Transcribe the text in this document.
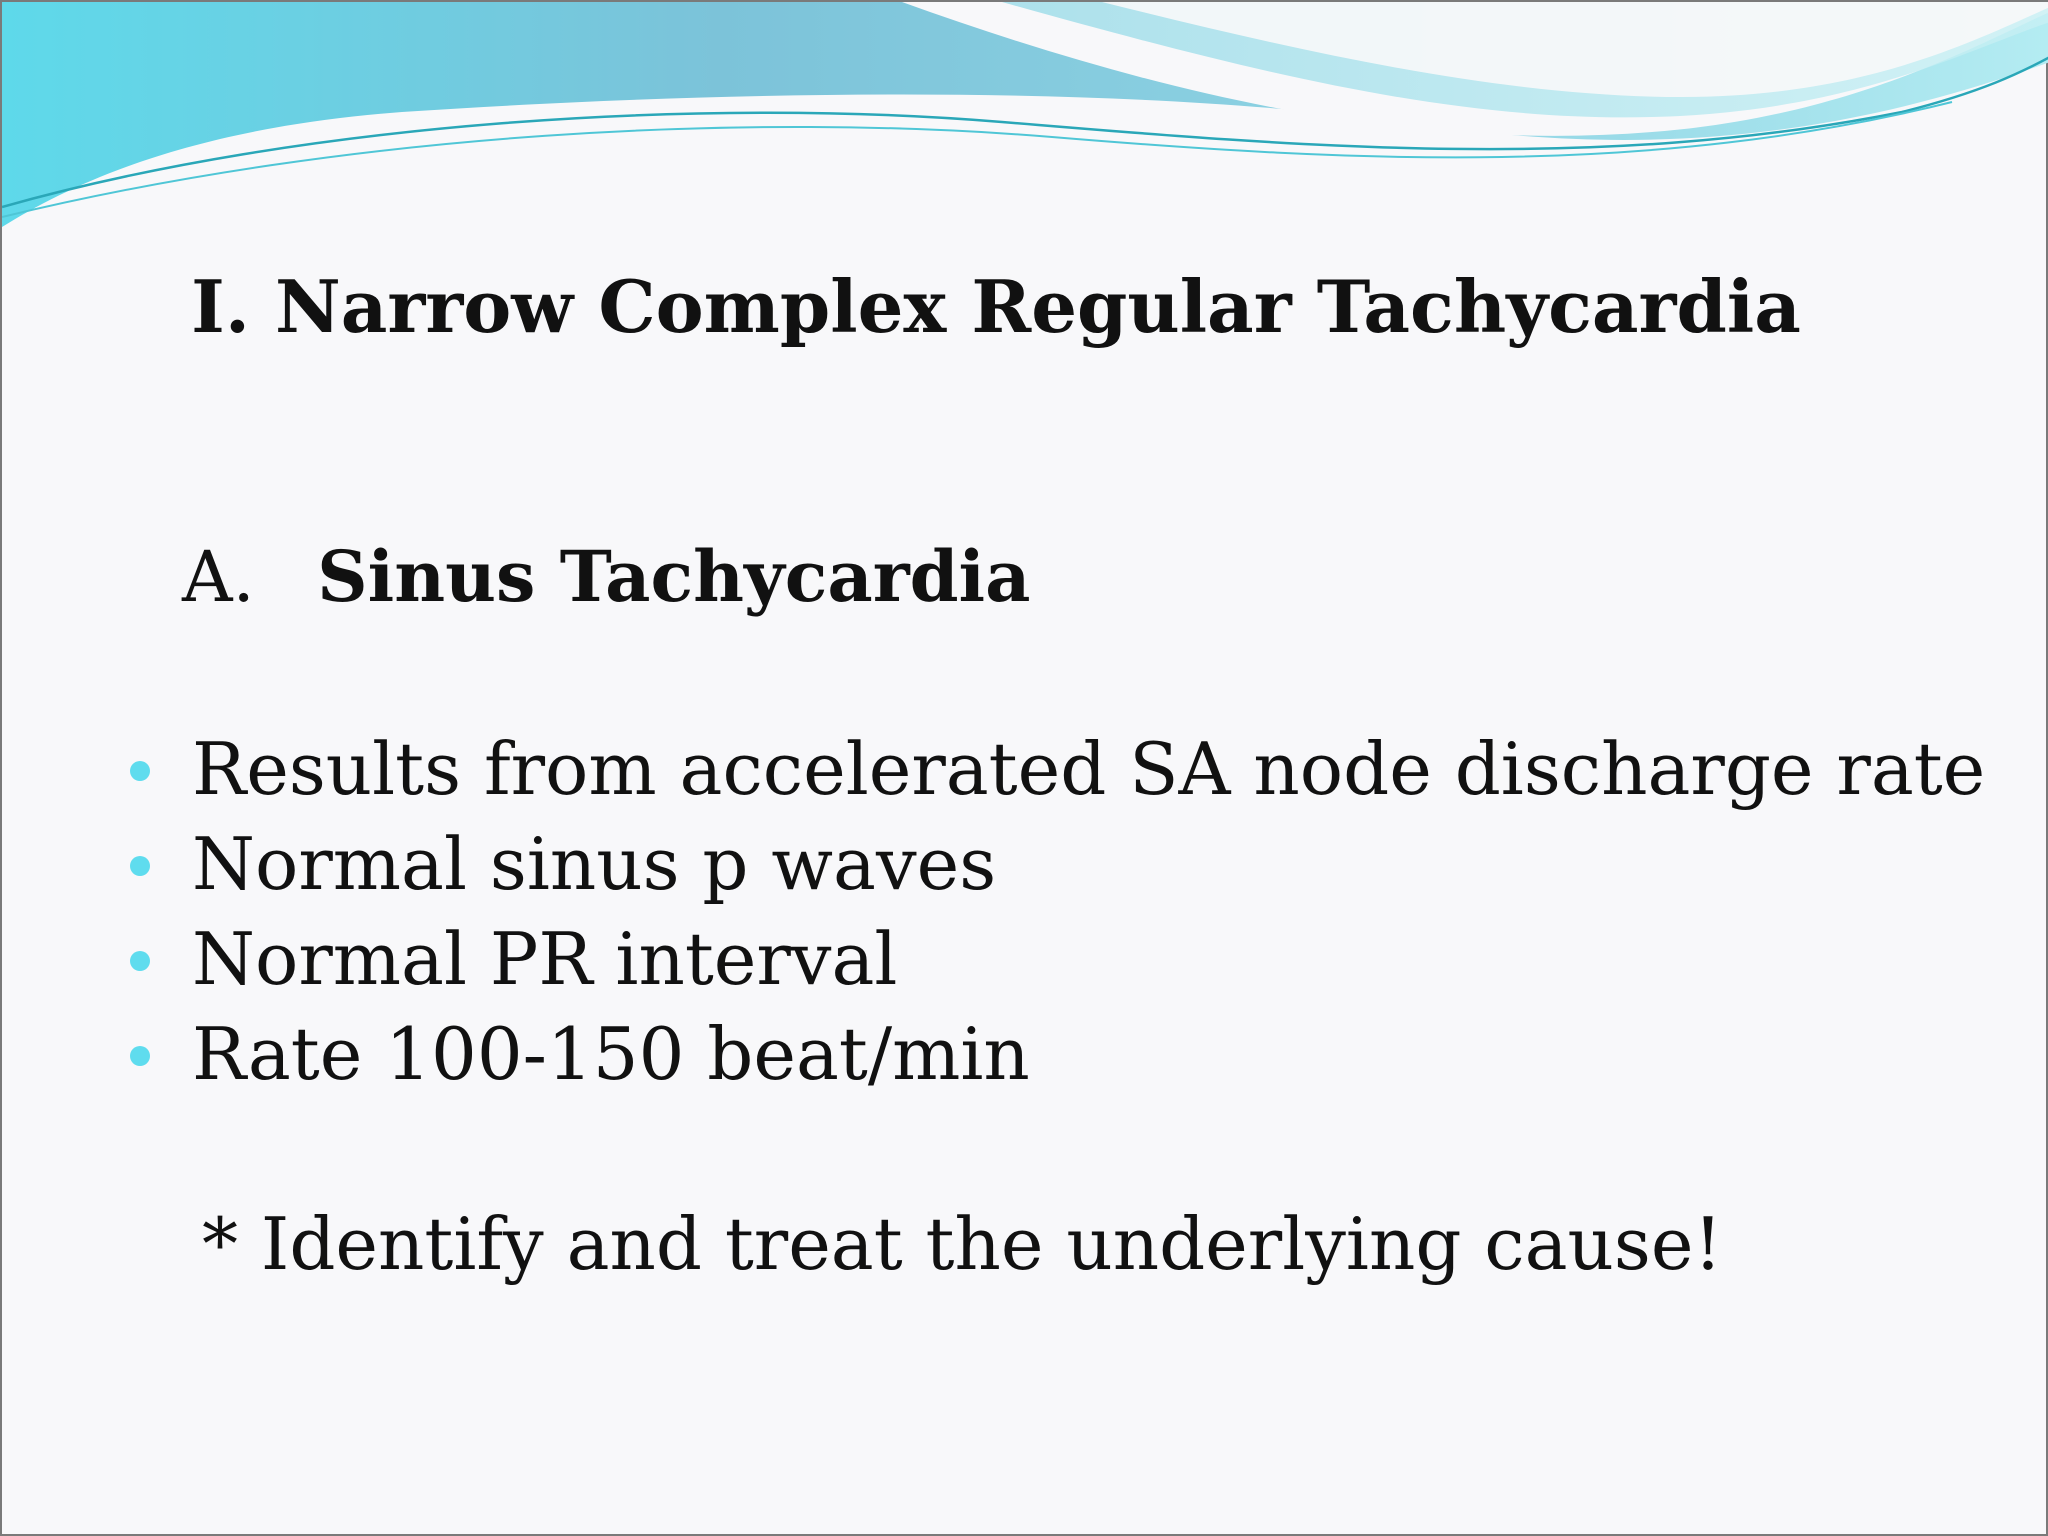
I. Narrow Complex Regular Tachycardia
A. Sinus Tachycardia
Results from accelerated SA node discharge rate
Normal sinus p waves
Normal PR interval
Rate 100-150 beat/min
* Identify and treat the underlying cause!
